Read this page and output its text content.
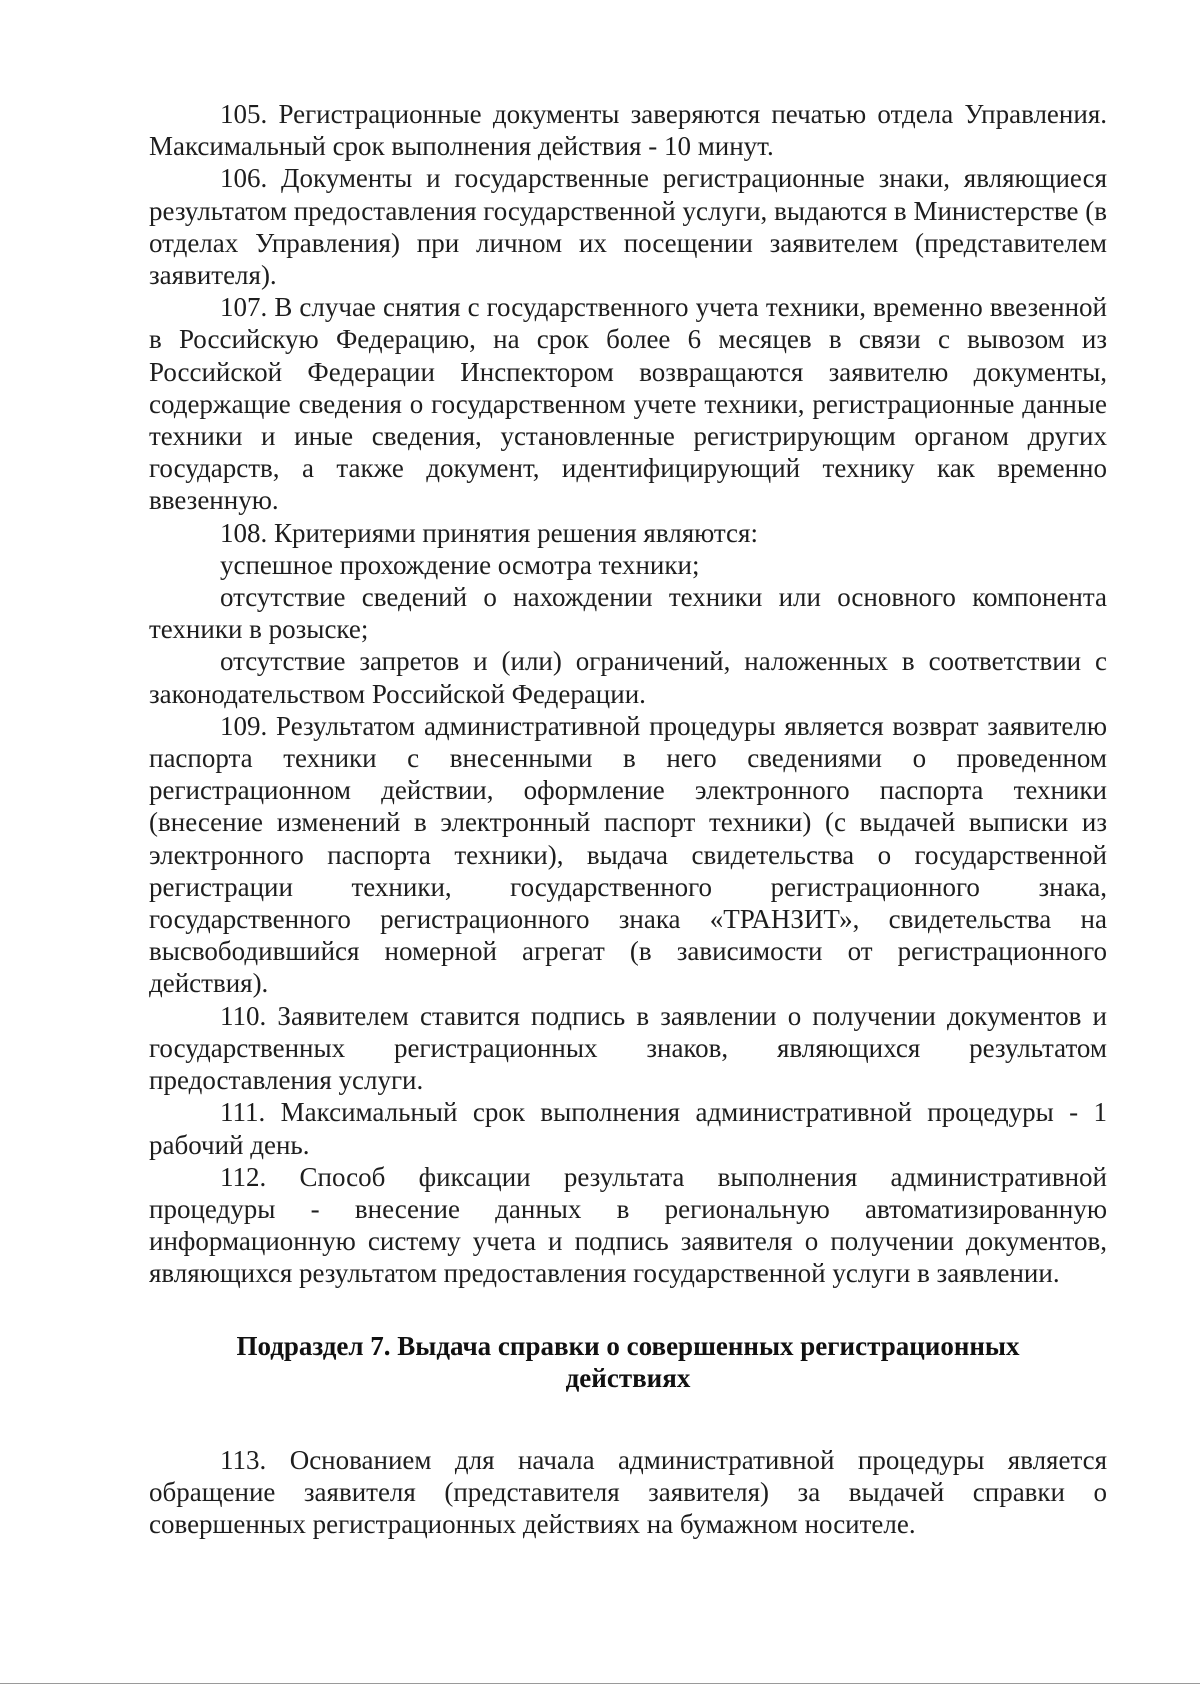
105. Регистрационные документы заверяются печатью отдела Управления. Максимальный срок выполнения действия - 10 минут.

106. Документы и государственные регистрационные знаки, являющиеся результатом предоставления государственной услуги, выдаются в Министерстве (в отделах Управления) при личном их посещении заявителем (представителем заявителя).

107. В случае снятия с государственного учета техники, временно ввезенной в Российскую Федерацию, на срок более 6 месяцев в связи с вывозом из Российской Федерации Инспектором возвращаются заявителю документы, содержащие сведения о государственном учете техники, регистрационные данные техники и иные сведения, установленные регистрирующим органом других государств, а также документ, идентифицирующий технику как временно ввезенную.

108. Критериями принятия решения являются:

успешное прохождение осмотра техники;

отсутствие сведений о нахождении техники или основного компонента техники в розыске;

отсутствие запретов и (или) ограничений, наложенных в соответствии с законодательством Российской Федерации.

109. Результатом административной процедуры является возврат заявителю паспорта техники с внесенными в него сведениями о проведенном регистрационном действии, оформление электронного паспорта техники (внесение изменений в электронный паспорт техники) (с выдачей выписки из электронного паспорта техники), выдача свидетельства о государственной регистрации техники, государственного регистрационного знака, государственного регистрационного знака «ТРАНЗИТ», свидетельства на высвободившийся номерной агрегат (в зависимости от регистрационного действия).

110. Заявителем ставится подпись в заявлении о получении документов и государственных регистрационных знаков, являющихся результатом предоставления услуги.

111. Максимальный срок выполнения административной процедуры - 1 рабочий день.

112. Способ фиксации результата выполнения административной процедуры - внесение данных в региональную автоматизированную информационную систему учета и подпись заявителя о получении документов, являющихся результатом предоставления государственной услуги в заявлении.

Подраздел 7. Выдача справки о совершенных регистрационных действиях

113. Основанием для начала административной процедуры является обращение заявителя (представителя заявителя) за выдачей справки о совершенных регистрационных действиях на бумажном носителе.
